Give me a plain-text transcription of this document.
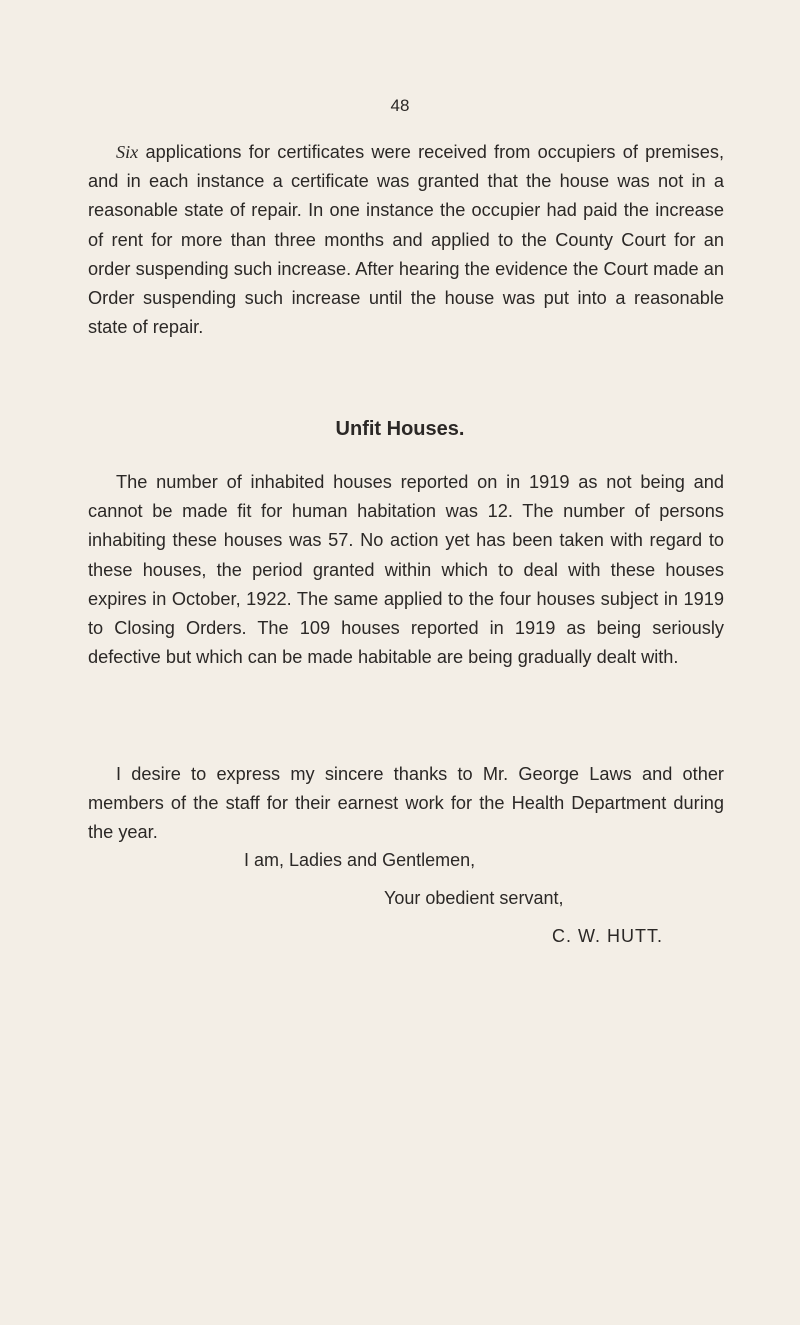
48

Six applications for certificates were received from occupiers of premises, and in each instance a certificate was granted that the house was not in a reasonable state of repair. In one instance the occupier had paid the increase of rent for more than three months and applied to the County Court for an order suspending such increase. After hearing the evidence the Court made an Order suspending such increase until the house was put into a reasonable state of repair.

Unfit Houses.

The number of inhabited houses reported on in 1919 as not being and cannot be made fit for human habitation was 12. The number of persons inhabiting these houses was 57. No action yet has been taken with regard to these houses, the period granted within which to deal with these houses expires in October, 1922. The same applied to the four houses subject in 1919 to Closing Orders. The 109 houses reported in 1919 as being seriously defective but which can be made habitable are being gradually dealt with.

I desire to express my sincere thanks to Mr. George Laws and other members of the staff for their earnest work for the Health Department during the year.

I am, Ladies and Gentlemen,

Your obedient servant,

C. W. HUTT.
